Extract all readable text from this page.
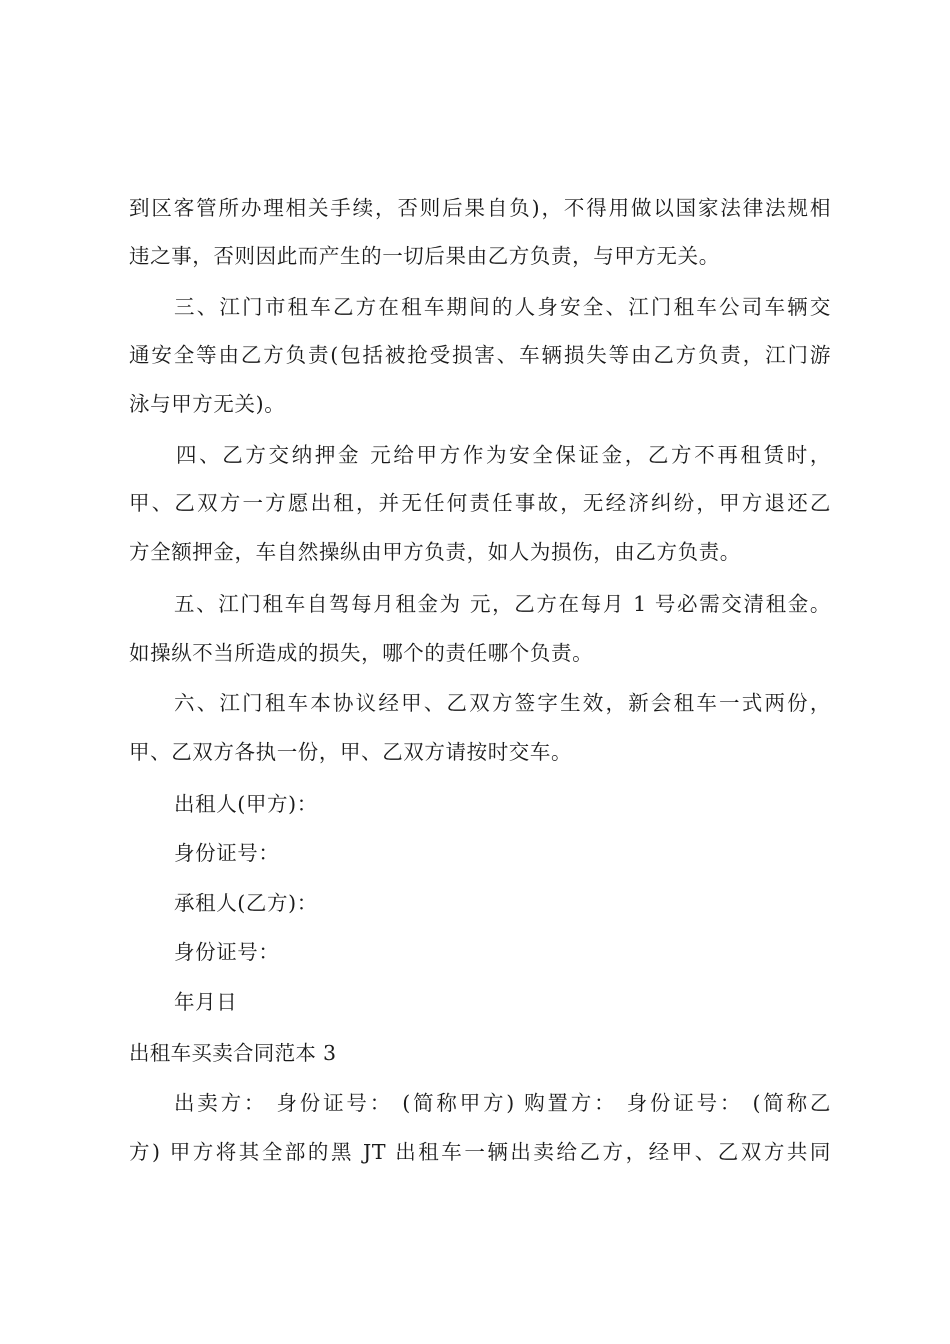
到区客管所办理相关手续，否则后果自负)，不得用做以国家法律法规相
违之事，否则因此而产生的一切后果由乙方负责，与甲方无关。
三、江门市租车乙方在租车期间的人身安全、江门租车公司车辆交
通安全等由乙方负责(包括被抢受损害、车辆损失等由乙方负责，江门游
泳与甲方无关)。
四、乙方交纳押金 元给甲方作为安全保证金，乙方不再租赁时，
甲、乙双方一方愿出租，并无任何责任事故，无经济纠纷，甲方退还乙
方全额押金，车自然操纵由甲方负责，如人为损伤，由乙方负责。
五、江门租车自驾每月租金为 元，乙方在每月 1 号必需交清租金。
如操纵不当所造成的损失，哪个的责任哪个负责。
六、江门租车本协议经甲、乙双方签字生效，新会租车一式两份，
甲、乙双方各执一份，甲、乙双方请按时交车。
出租人(甲方)：
身份证号：
承租人(乙方)：
身份证号：
年月日
出租车买卖合同范本 3
出卖方： 身份证号： (简称甲方) 购置方： 身份证号： (简称乙
方) 甲方将其全部的黑 JT 出租车一辆出卖给乙方，经甲、乙双方共同
